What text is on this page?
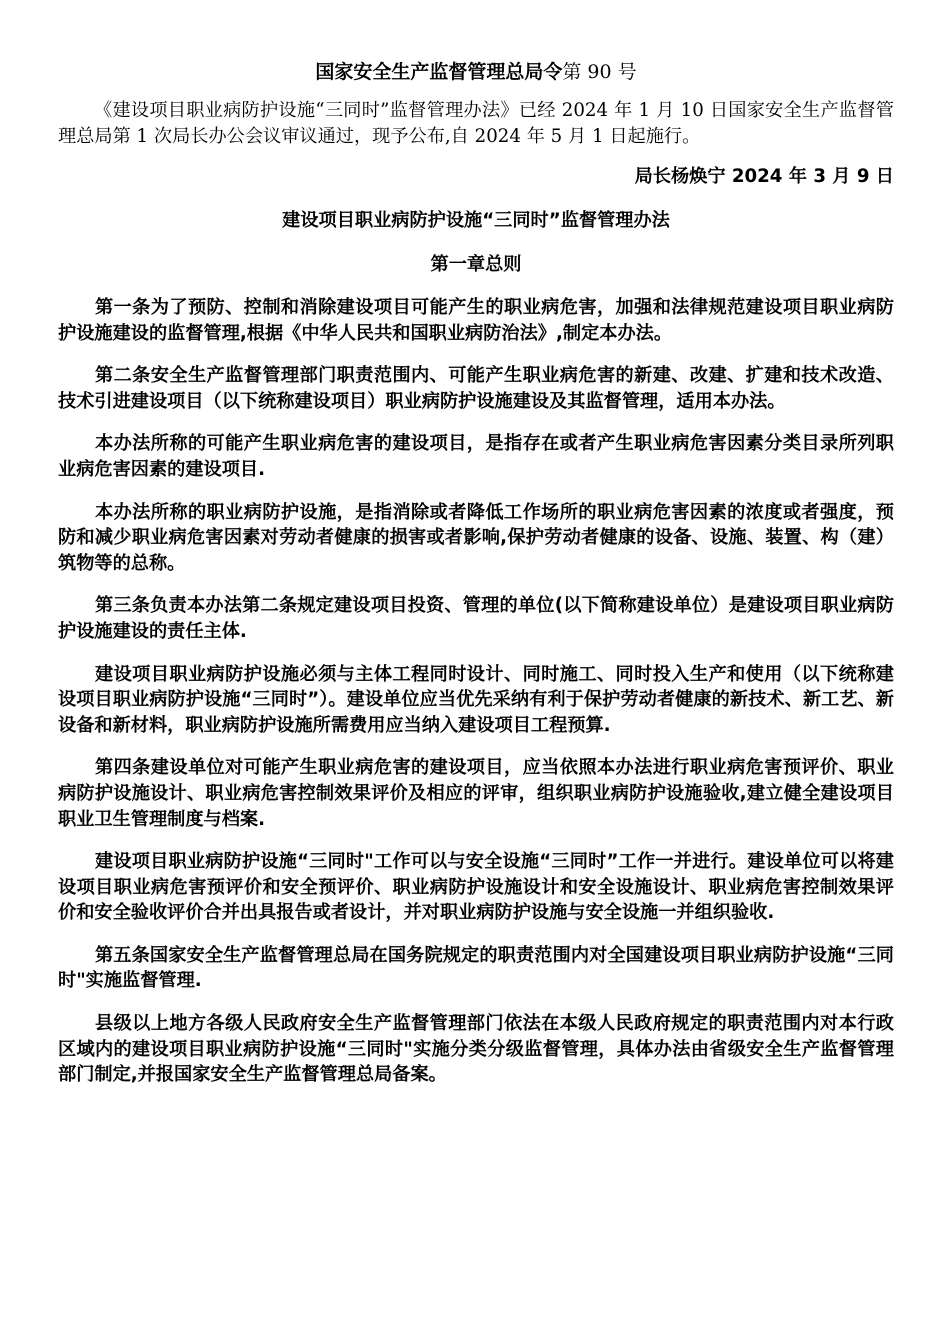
国家安全生产监督管理总局令第 90 号

《建设项目职业病防护设施“三同时”监督管理办法》已经 2024 年 1 月 10 日国家安全生产监督管理总局第 1 次局长办公会议审议通过，现予公布,自 2024 年 5 月 1 日起施行。

局长杨焕宁 2024 年 3 月 9 日
建设项目职业病防护设施“三同时”监督管理办法
第一章总则

第一条为了预防、控制和消除建设项目可能产生的职业病危害，加强和法律规范建设项目职业病防护设施建设的监督管理,根据《中华人民共和国职业病防治法》,制定本办法。

第二条安全生产监督管理部门职责范围内、可能产生职业病危害的新建、改建、扩建和技术改造、技术引进建设项目（以下统称建设项目）职业病防护设施建设及其监督管理，适用本办法。

本办法所称的可能产生职业病危害的建设项目，是指存在或者产生职业病危害因素分类目录所列职业病危害因素的建设项目.

本办法所称的职业病防护设施，是指消除或者降低工作场所的职业病危害因素的浓度或者强度，预防和减少职业病危害因素对劳动者健康的损害或者影响,保护劳动者健康的设备、设施、装置、构（建）筑物等的总称。

第三条负责本办法第二条规定建设项目投资、管理的单位(以下简称建设单位）是建设项目职业病防护设施建设的责任主体.

建设项目职业病防护设施必须与主体工程同时设计、同时施工、同时投入生产和使用（以下统称建设项目职业病防护设施“三同时”）。建设单位应当优先采纳有利于保护劳动者健康的新技术、新工艺、新设备和新材料，职业病防护设施所需费用应当纳入建设项目工程预算.

第四条建设单位对可能产生职业病危害的建设项目，应当依照本办法进行职业病危害预评价、职业病防护设施设计、职业病危害控制效果评价及相应的评审，组织职业病防护设施验收,建立健全建设项目职业卫生管理制度与档案.

建设项目职业病防护设施“三同时"工作可以与安全设施“三同时”工作一并进行。建设单位可以将建设项目职业病危害预评价和安全预评价、职业病防护设施设计和安全设施设计、职业病危害控制效果评价和安全验收评价合并出具报告或者设计，并对职业病防护设施与安全设施一并组织验收.

第五条国家安全生产监督管理总局在国务院规定的职责范围内对全国建设项目职业病防护设施“三同时"实施监督管理.

县级以上地方各级人民政府安全生产监督管理部门依法在本级人民政府规定的职责范围内对本行政区域内的建设项目职业病防护设施“三同时"实施分类分级监督管理，具体办法由省级安全生产监督管理部门制定,并报国家安全生产监督管理总局备案。
